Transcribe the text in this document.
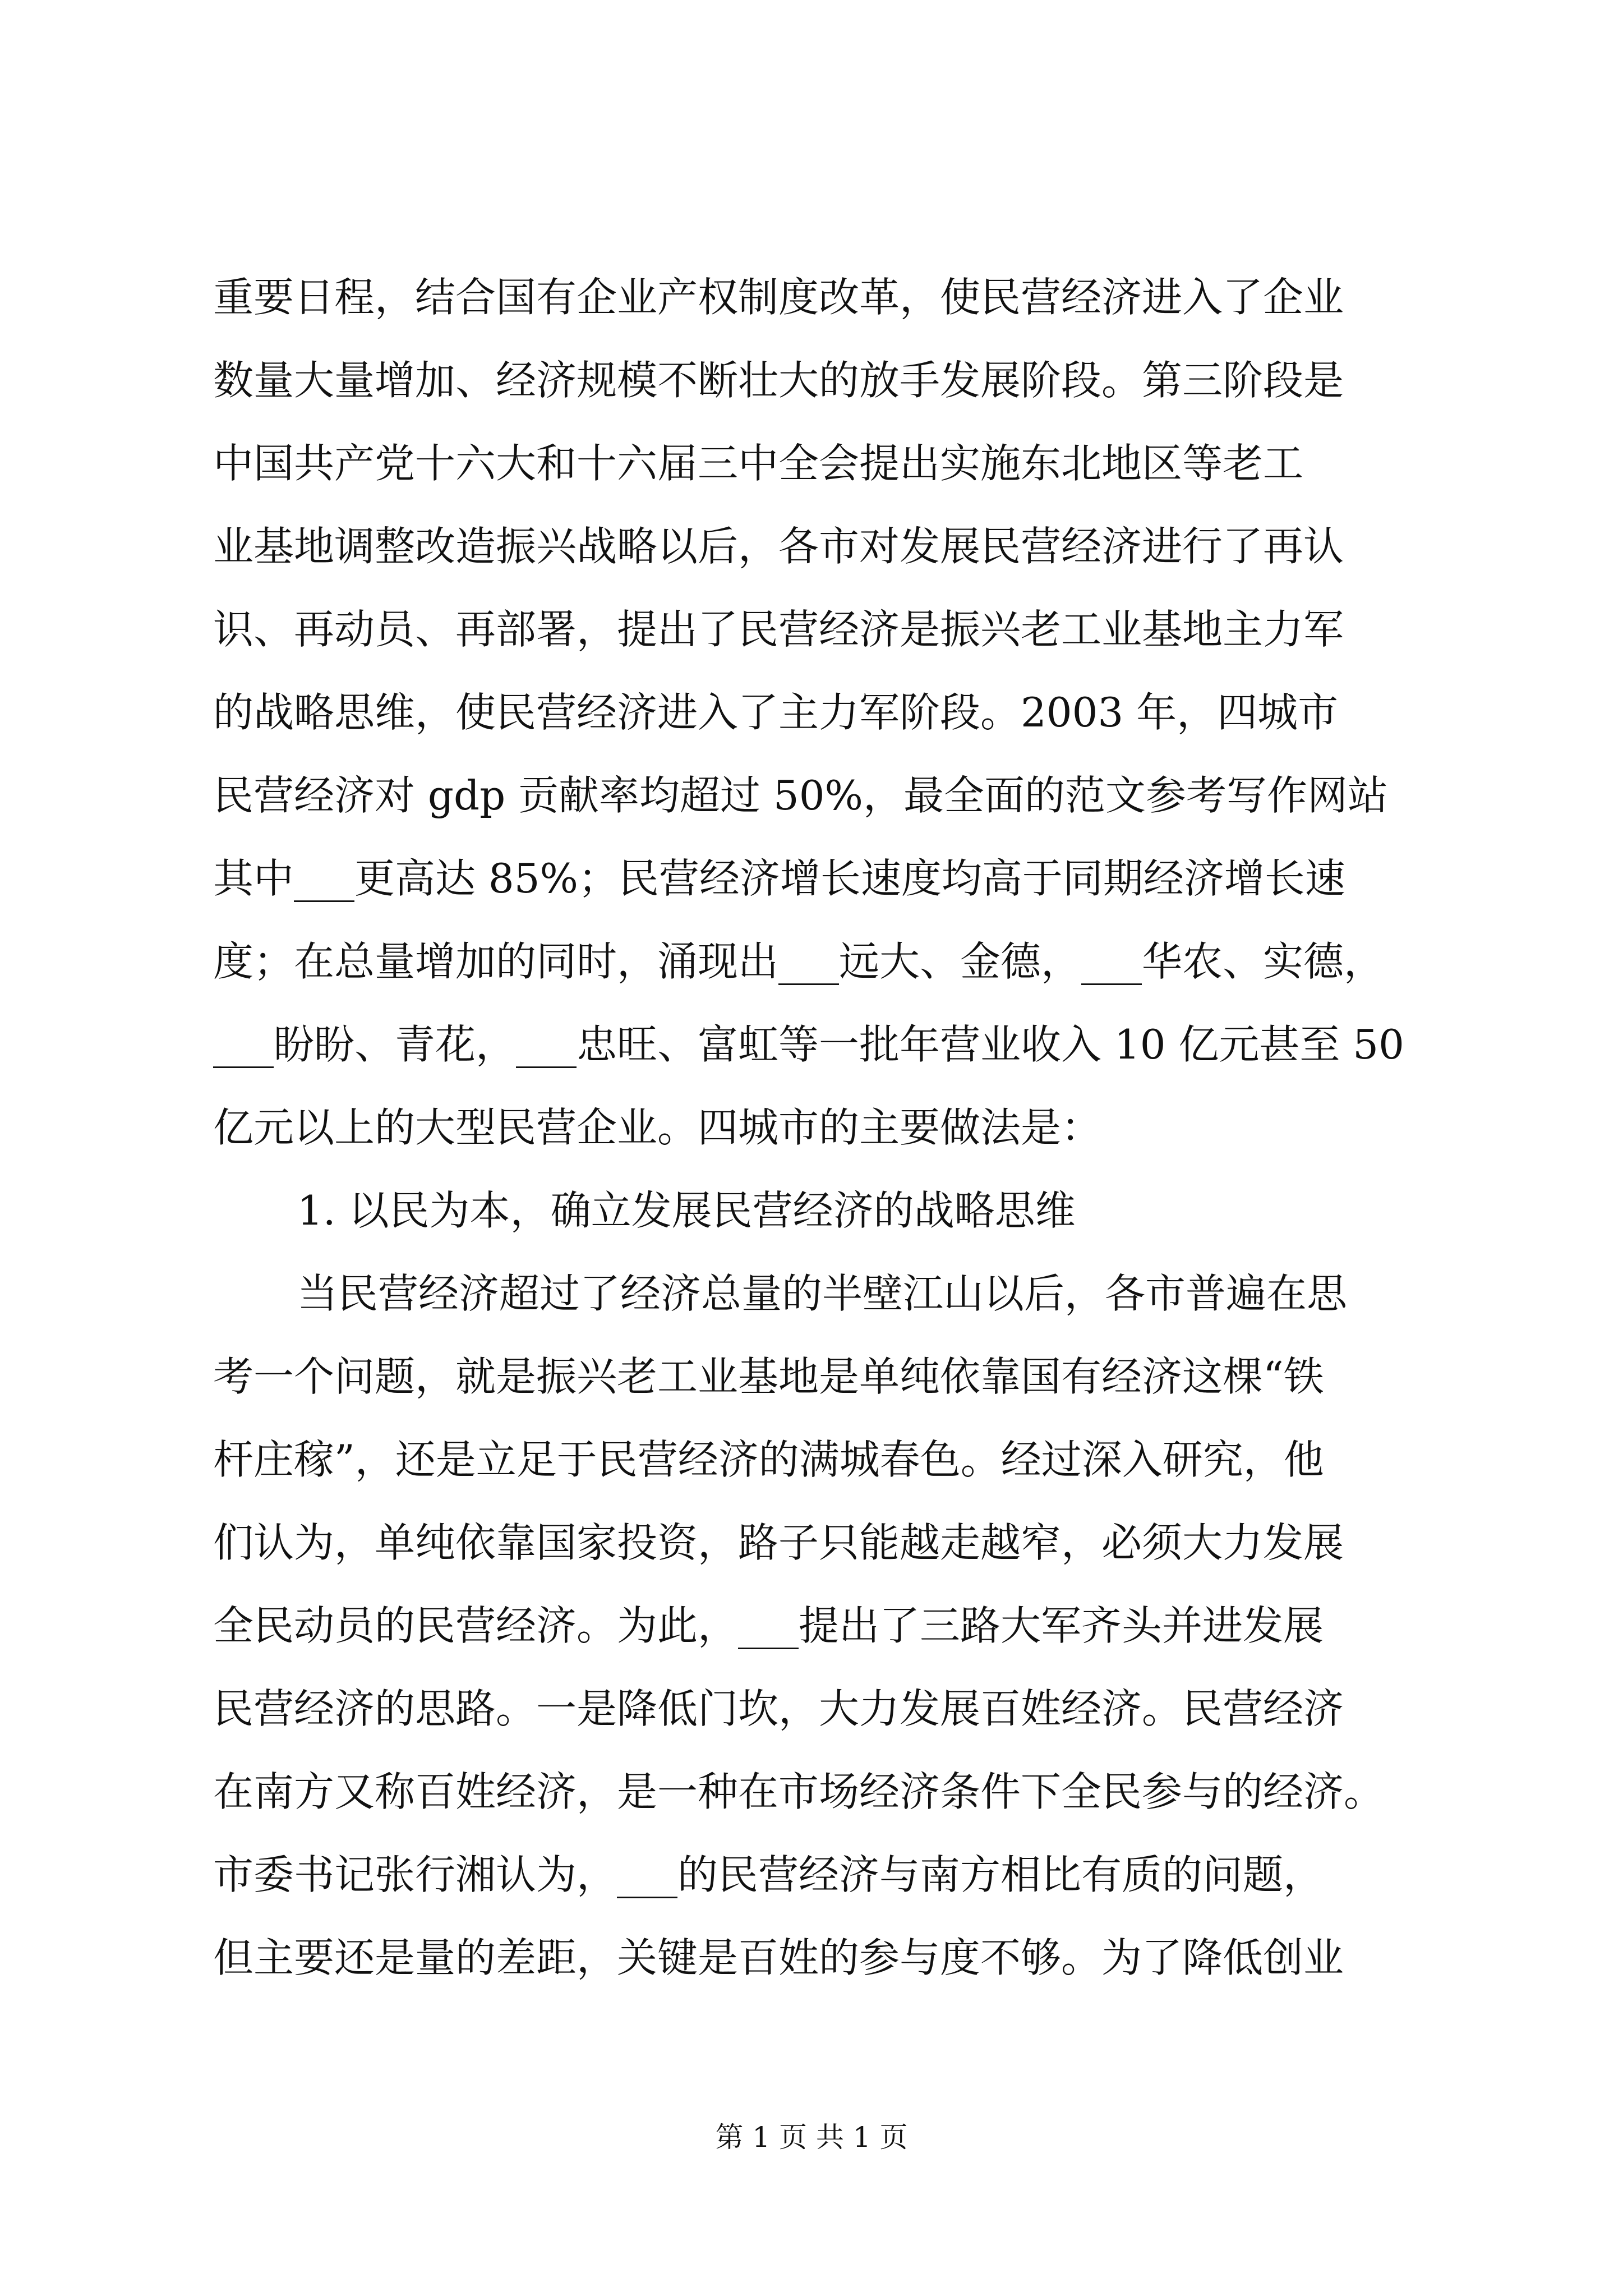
重要日程，结合国有企业产权制度改革，使民营经济进入了企业
数量大量增加、经济规模不断壮大的放手发展阶段。第三阶段是
中国共产党十六大和十六届三中全会提出实施东北地区等老工
业基地调整改造振兴战略以后，各市对发展民营经济进行了再认
识、再动员、再部署，提出了民营经济是振兴老工业基地主力军
的战略思维，使民营经济进入了主力军阶段。2003 年，四城市
民营经济对 gdp 贡献率均超过 50%，最全面的范文参考写作网站
其中___更高达 85%；民营经济增长速度均高于同期经济增长速
度；在总量增加的同时，涌现出___远大、金德，___华农、实德，
___盼盼、青花，___忠旺、富虹等一批年营业收入 10 亿元甚至 50
亿元以上的大型民营企业。四城市的主要做法是：
1. 以民为本，确立发展民营经济的战略思维
当民营经济超过了经济总量的半壁江山以后，各市普遍在思
考一个问题，就是振兴老工业基地是单纯依靠国有经济这棵“铁
杆庄稼”，还是立足于民营经济的满城春色。经过深入研究，他
们认为，单纯依靠国家投资，路子只能越走越窄，必须大力发展
全民动员的民营经济。为此，___提出了三路大军齐头并进发展
民营经济的思路。一是降低门坎，大力发展百姓经济。民营经济
在南方又称百姓经济，是一种在市场经济条件下全民参与的经济。
市委书记张行湘认为，___的民营经济与南方相比有质的问题，
但主要还是量的差距，关键是百姓的参与度不够。为了降低创业
第 1 页 共 1 页
